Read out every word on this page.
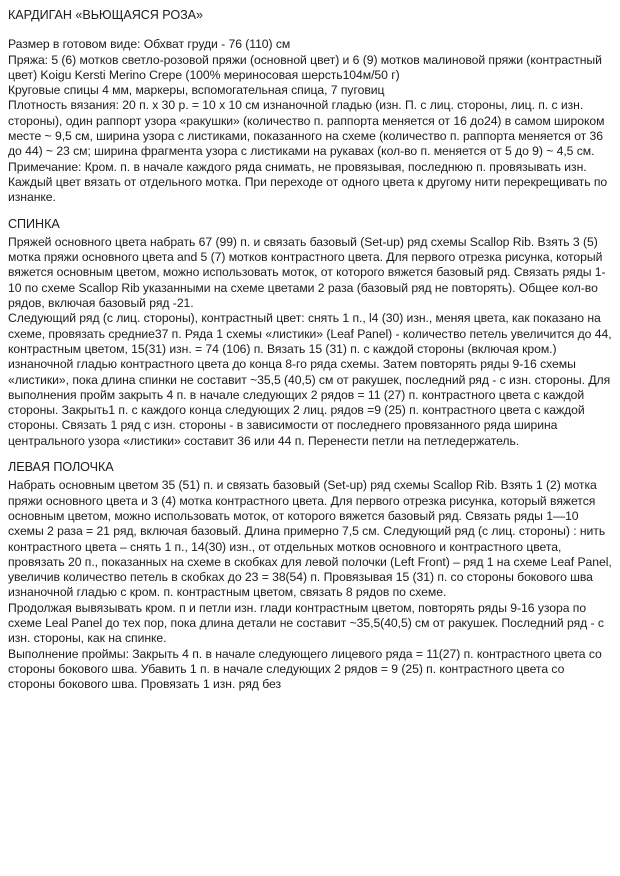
КАРДИГАН «ВЬЮЩАЯСЯ РОЗА»

Размер в готовом виде: Обхват груди - 76 (110) см

Пряжа: 5 (6) мотков светло-розовой пряжи (основной цвет) и 6 (9) мотков малиновой пряжи (контрастный цвет) Koigu Kersti Merino Crepe (100% мериносовая шерсть104м/50 г)

Круговые спицы 4 мм, маркеры, вспомогательная спица, 7 пуговиц

Плотность вязания: 20 п. х 30 р. = 10 х 10 см изнаночной гладью (изн. П. с лиц. стороны, лиц. п. с изн. стороны), один раппорт узора «ракушки» (количество п. раппорта меняется от 16 до24) в самом широком месте ~ 9,5 см, ширина узора с листиками, показанного на схеме (количество п. раппорта меняется от 36 до 44) ~ 23 см; ширина фрагмента узора с листиками на рукавах (кол-во п. меняется от 5 до 9) ~ 4,5 см.

Примечание: Кром. п. в начале каждого ряда снимать, не провязывая, последнюю п. провязывать изн.

Каждый цвет вязать от отдельного мотка. При переходе от одного цвета к другому нити перекрещивать по изнанке.

СПИНКА

Пряжей основного цвета набрать 67 (99) п. и связать базовый (Set-up) ряд схемы Scallop Rib. Взять 3 (5) мотка пряжи основного цвета and 5 (7) мотков контрастного цвета. Для первого отрезка рисунка, который вяжется основным цветом, можно использовать моток, от которого вяжется базовый ряд. Связать ряды 1-10 по схеме Scallop Rib указанными на схеме цветами 2 раза (базовый ряд не повторять). Общее кол-во рядов, включая базовый ряд -21.

Следующий ряд (с лиц. стороны), контрастный цвет: снять 1 п., l4 (30) изн., меняя цвета, как показано на схеме, провязать средние37 п. Ряда 1 схемы «листики» (Leaf Panel) - количество петель увеличится до 44, контрастным цветом, 15(31) изн. = 74 (106) п. Вязать 15 (31) п. с каждой стороны (включая кром.) изнаночной гладью контрастного цвета до конца 8-го ряда схемы. Затем повторять ряды 9-16 схемы «листики», пока длина спинки не составит ~35,5 (40,5) см от ракушек, последний ряд - с изн. стороны. Для выполнения пройм закрыть 4 п. в начале следующих 2 рядов = 11 (27) п. контрастного цвета с каждой стороны. Закрыть1 п. с каждого конца следующих 2 лиц. рядов =9 (25) п. контрастного цвета с каждой стороны. Связать 1 ряд с изн. стороны - в зависимости от последнего провязанного ряда ширина центрального узора «листики» составит 36 или 44 п. Перенести петли на петледержатель.

ЛЕВАЯ ПОЛОЧКА

Набрать основным цветом 35 (51) п. и связать базовый (Set-up) ряд схемы Scallop Rib. Взять 1 (2) мотка пряжи основного цвета и 3 (4) мотка контрастного цвета. Для первого отрезка рисунка, который вяжется основным цветом, можно использовать моток, от которого вяжется базовый ряд. Связать ряды 1—10 схемы 2 раза = 21 ряд, включая базовый. Длина примерно 7,5 см. Следующий ряд (с лиц. стороны) : нить контрастного цвета – снять 1 п., 14(30) изн., от отдельных мотков основного и контрастного цвета, провязать 20 п., показанных на схеме в скобках для левой полочки (Left Front) – ряд 1 на схеме Leaf Panel, увеличив количество петель в скобках до 23 = 38(54) п. Провязывая 15 (31) п. со стороны бокового шва изнаночной гладью с кром. п. контрастным цветом, связать 8 рядов по схеме.

Продолжая вывязывать кром. п и петли изн. глади контрастным цветом, повторять ряды 9-16 узора по схеме Leal Panel до тех пор, пока длина детали не составит ~35,5(40,5) см от ракушек. Последний ряд - с изн. стороны, как на спинке.

Выполнение проймы: Закрыть 4 п. в начале следующего лицевого ряда = 11(27) п. контрастного цвета со стороны бокового шва. Убавить 1 п. в начале следующих 2 рядов = 9 (25) п. контрастного цвета со стороны бокового шва. Провязать 1 изн. ряд без
